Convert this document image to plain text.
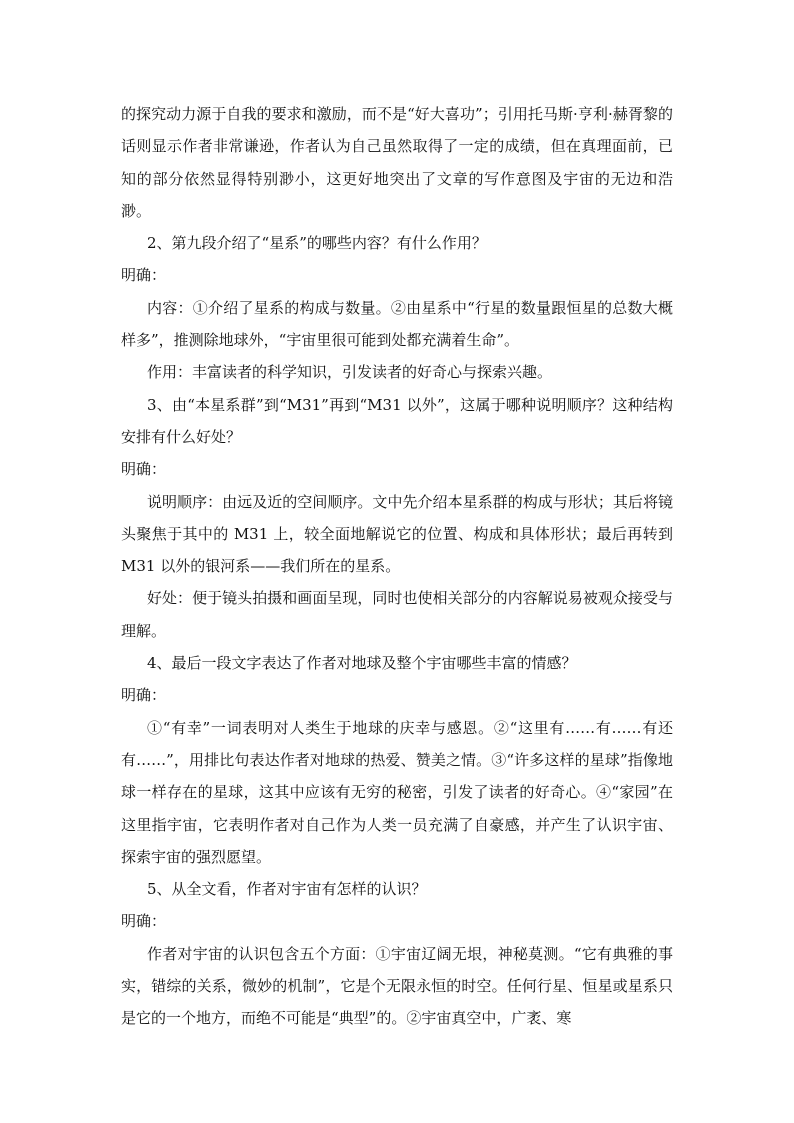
的探究动力源于自我的要求和激励，而不是“好大喜功”；引用托马斯·亨利·赫胥黎的话则显示作者非常谦逊，作者认为自己虽然取得了一定的成绩，但在真理面前，已知的部分依然显得特别渺小，这更好地突出了文章的写作意图及宇宙的无边和浩渺。

2、第九段介绍了“星系”的哪些内容？有什么作用？

明确：

内容：①介绍了星系的构成与数量。②由星系中“行星的数量跟恒星的总数大概样多”，推测除地球外，“宇宙里很可能到处都充满着生命”。

作用：丰富读者的科学知识，引发读者的好奇心与探索兴趣。

3、由“本星系群”到“M31”再到“M31 以外”，这属于哪种说明顺序？这种结构安排有什么好处？

明确：

说明顺序：由远及近的空间顺序。文中先介绍本星系群的构成与形状；其后将镜头聚焦于其中的 M31 上，较全面地解说它的位置、构成和具体形状；最后再转到 M31 以外的银河系——我们所在的星系。

好处：便于镜头拍摄和画面呈现，同时也使相关部分的内容解说易被观众接受与理解。

4、最后一段文字表达了作者对地球及整个宇宙哪些丰富的情感？

明确：

①“有幸”一词表明对人类生于地球的庆幸与感恩。②“这里有……有……有还有……”，用排比句表达作者对地球的热爱、赞美之情。③“许多这样的星球”指像地球一样存在的星球，这其中应该有无穷的秘密，引发了读者的好奇心。④“家园”在这里指宇宙，它表明作者对自己作为人类一员充满了自豪感，并产生了认识宇宙、探索宇宙的强烈愿望。

5、从全文看，作者对宇宙有怎样的认识？

明确：

作者对宇宙的认识包含五个方面：①宇宙辽阔无垠，神秘莫测。“它有典雅的事实，错综的关系，微妙的机制”，它是个无限永恒的时空。任何行星、恒星或星系只是它的一个地方，而绝不可能是“典型”的。②宇宙真空中，广袤、寒
